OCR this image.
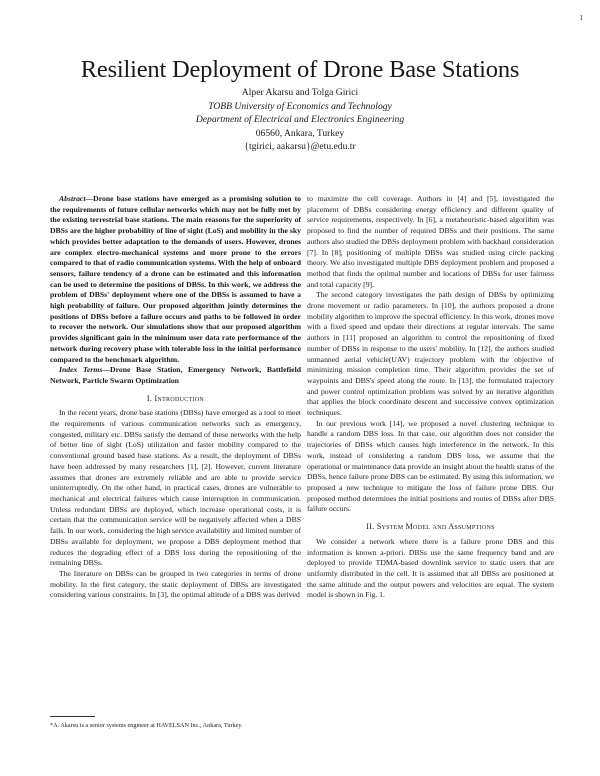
1
Resilient Deployment of Drone Base Stations
Alper Akarsu and Tolga Girici
TOBB University of Economics and Technology
Department of Electrical and Electronics Engineering
06560, Ankara, Turkey
{tgirici, aakarsu}@etu.edu.tr

Abstract—Drone base stations have emerged as a promising solution to the requirements of future cellular networks which may not be fully met by the existing terrestrial base stations. The main reasons for the superiority of DBSs are the higher probability of line of sight (LoS) and mobility in the sky which provides better adaptation to the demands of users. However, drones are complex electro-mechanical systems and more prone to the errors compared to that of radio communication systems. With the help of onboard sensors, failure tendency of a drone can be estimated and this information can be used to determine the positions of DBSs. In this work, we address the problem of DBSs' deployment where one of the DBSs is assumed to have a high probability of failure. Our proposed algorithm jointly determines the positions of DBSs before a failure occurs and paths to be followed in order to recover the network. Our simulations show that our proposed algorithm provides significant gain in the minimum user data rate performance of the network during recovery phase with tolerable loss in the initial performance compared to the benchmark algorithm.

Index Terms—Drone Base Station, Emergency Network, Battlefield Network, Particle Swarm Optimization

I. Introduction

In the recent years, drone base stations (DBSs) have emerged as a tool to meet the requirements of various communication networks such as emergency, congested, military etc. DBSs satisfy the demand of these networks with the help of better line of sight (LoS) utilization and faster mobility compared to the conventional ground based base stations. As a result, the deployment of DBSs have been addressed by many researchers [1], [2]. However, current literature assumes that drones are extremely reliable and are able to provide service uninterruptedly. On the other hand, in practical cases, drones are vulnerable to mechanical and electrical failures which cause interruption in communication. Unless redundant DBSs are deployed, which increase operational costs, it is certain that the communication service will be negatively affected when a DBS fails. In our work, considering the high service availability and limited number of DBSs available for deployment, we propose a DBS deployment method that reduces the degrading effect of a DBS loss during the repositioning of the remaining DBSs.

The literature on DBSs can be grouped in two categories in terms of drone mobility. In the first category, the static deployment of DBSs are investigated considering various constraints. In [3], the optimal altitude of a DBS was derived

*A. Akarsu is a senior systems engineer at HAVELSAN Inc., Ankara, Turkey.

to maximize the cell coverage. Authors in [4] and [5], investigated the placement of DBSs considering energy efficiency and different quality of service requirements, respectively. In [6], a metaheuristic-based algorithm was proposed to find the number of required DBSs and their positions. The same authors also studied the DBSs deployment problem with backhaul consideration [7]. In [8], positioning of multiple DBSs was studied using circle packing theory. We also investigated multiple DBS deployment problem and proposed a method that finds the optimal number and locations of DBSs for user fairness and total capacity [9].

The second category investigates the path design of DBSs by optimizing drone movement or radio parameters. In [10], the authors proposed a drone mobility algorithm to improve the spectral efficiency. In this work, drones move with a fixed speed and update their directions at regular intervals. The same authors in [11] proposed an algorithm to control the repositioning of fixed number of DBSs in response to the users' mobility. In [12], the authors studied unmanned aerial vehicle(UAV) trajectory problem with the objective of minimizing mission completion time. Their algorithm provides the set of waypoints and DBS's speed along the route. In [13], the formulated trajectory and power control optimization problem was solved by an iterative algorithm that applies the block coordinate descent and successive convex optimization techniques.

In our previous work [14], we proposed a novel clustering technique to handle a random DBS loss. In that case, our algorithm does not consider the trajectories of DBSs which causes high interference in the network. In this work, instead of considering a random DBS loss, we assume that the operational or maintenance data provide an insight about the health status of the DBSs, hence failure prone DBS can be estimated. By using this information, we proposed a new technique to mitigate the loss of failure prone DBS. Our proposed method determines the initial positions and routes of DBSs after DBS failure occurs.

II. System Model and Assumptions

We consider a network where there is a failure prone DBS and this information is known a-priori. DBSs use the same frequency band and are deployed to provide TDMA-based downlink service to static users that are uniformly distributed in the cell. It is assumed that all DBSs are positioned at the same altitude and the output powers and velocities are equal. The system model is shown in Fig. 1.
